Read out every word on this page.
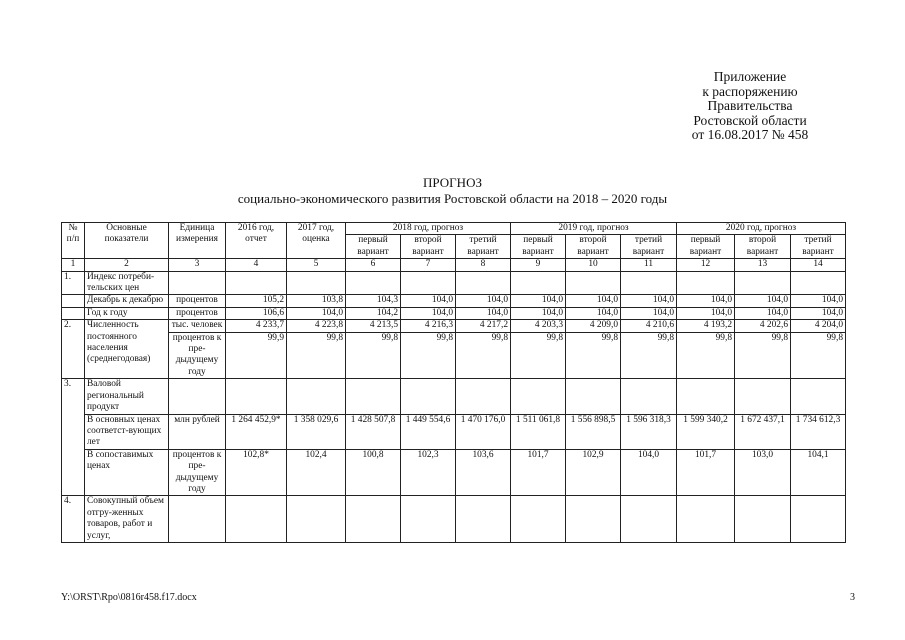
Приложение
к распоряжению
Правительства
Ростовской области
от 16.08.2017 № 458
ПРОГНОЗ
социально-экономического развития Ростовской области на 2018 – 2020 годы
№ п/п	Основные показатели	Единица измерения	2016 год, отчет	2017 год, оценка	2018 год, прогноз			2019 год, прогноз			2020 год, прогноз		
					первый вариант	второй вариант	третий вариант	первый вариант	второй вариант	третий вариант	первый вариант	второй вариант	третий вариант
1	2	3	4	5	6	7	8	9	10	11	12	13	14
1.	Индекс потреби-тельских цен												
	Декабрь к декабрю	процентов	105,2	103,8	104,3	104,0	104,0	104,0	104,0	104,0	104,0	104,0	104,0
	Год к году	процентов	106,6	104,0	104,2	104,0	104,0	104,0	104,0	104,0	104,0	104,0	104,0
2.	Численность постоянного населения (среднегодовая)	тыс. человек	4 233,7	4 223,8	4 213,5	4 216,3	4 217,2	4 203,3	4 209,0	4 210,6	4 193,2	4 202,6	4 204,0
		процентов к пре-дыдущему году	99,9	99,8	99,8	99,8	99,8	99,8	99,8	99,8	99,8	99,8	99,8
3.	Валовой региональный продукт												
	В основных ценах соответст-вующих лет	млн рублей	1 264 452,9*	1 358 029,6	1 428 507,8	1 449 554,6	1 470 176,0	1 511 061,8	1 556 898,5	1 596 318,3	1 599 340,2	1 672 437,1	1 734 612,3
	В сопоставимых ценах	процентов к пре-дыдущему году	102,8*	102,4	100,8	102,3	103,6	101,7	102,9	104,0	101,7	103,0	104,1
4.	Совокупный объем отгру-женных товаров, работ и услуг,												
Y:\ORST\Rpo\0816r458.f17.docx	3
